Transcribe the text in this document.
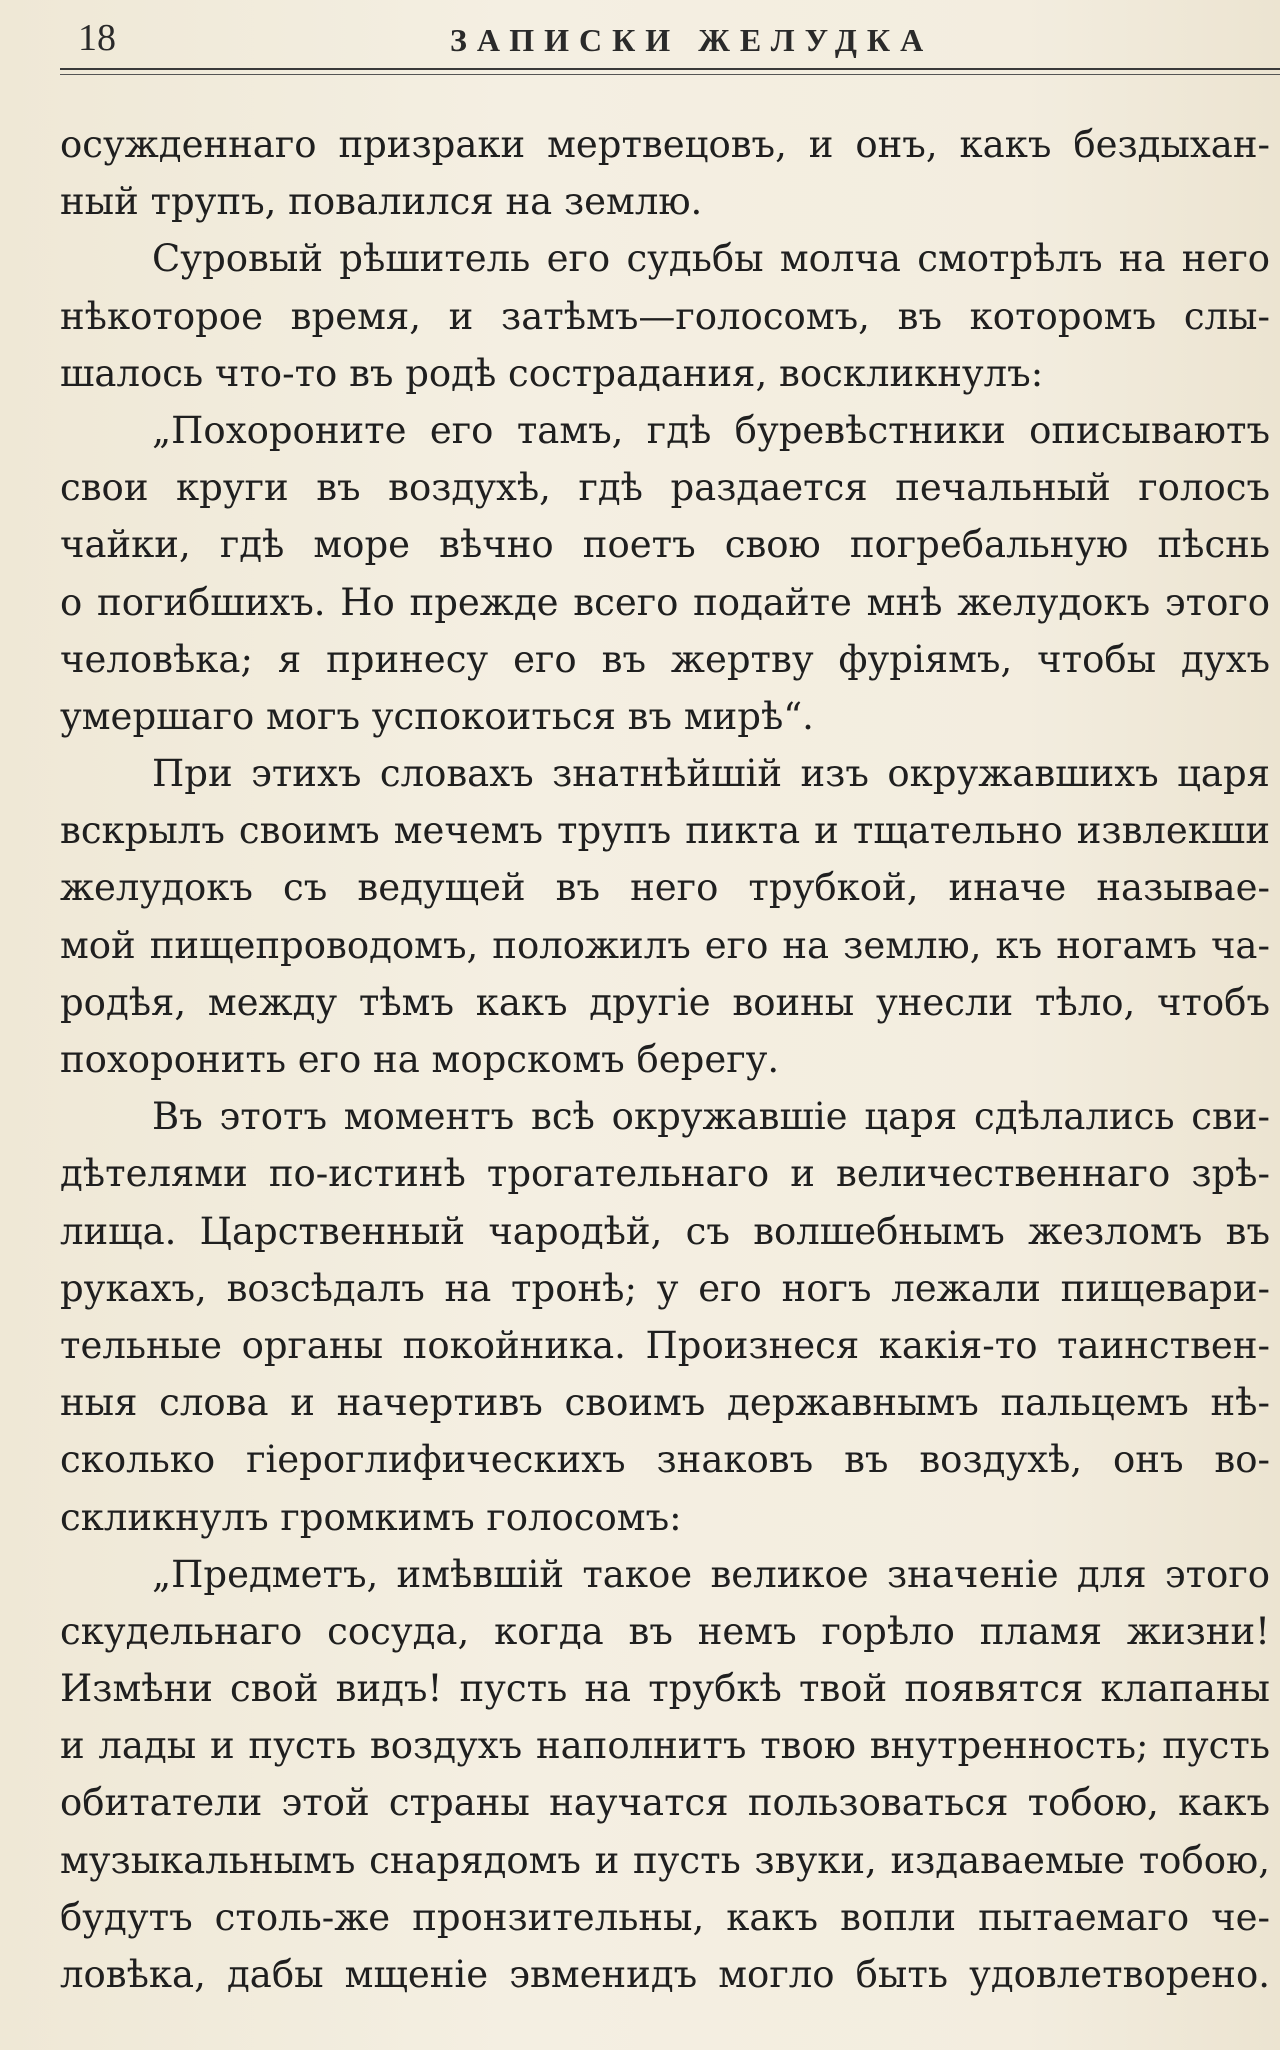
18	ЗАПИСКИ ЖЕЛУДКА
осужденнаго призраки мертвецовъ, и онъ, какъ бездыхан-
ный трупъ, повалился на землю.
Суровый рѣшитель его судьбы молча смотрѣлъ на него
нѣкоторое время, и затѣмъ—голосомъ, въ которомъ слы-
шалось что-то въ родѣ сострадания, воскликнулъ:
„Похороните его тамъ, гдѣ буревѣстники описываютъ
свои круги въ воздухѣ, гдѣ раздается печальный голосъ
чайки, гдѣ море вѣчно поетъ свою погребальную пѣснь
о погибшихъ. Но прежде всего подайте мнѣ желудокъ этого
человѣка; я принесу его въ жертву фуріямъ, чтобы духъ
умершаго могъ успокоиться въ мирѣ“.
При этихъ словахъ знатнѣйшій изъ окружавшихъ царя
вскрылъ своимъ мечемъ трупъ пикта и тщательно извлекши
желудокъ съ ведущей въ него трубкой, иначе называе-
мой пищепроводомъ, положилъ его на землю, къ ногамъ ча-
родѣя, между тѣмъ какъ другіе воины унесли тѣло, чтобъ
похоронить его на морскомъ берегу.
Въ этотъ моментъ всѣ окружавшіе царя сдѣлались сви-
дѣтелями по-истинѣ трогательнаго и величественнаго зрѣ-
лища. Царственный чародѣй, съ волшебнымъ жезломъ въ
рукахъ, возсѣдалъ на тронѣ; у его ногъ лежали пищевари-
тельные органы покойника. Произнеся какія-то таинствен-
ныя слова и начертивъ своимъ державнымъ пальцемъ нѣ-
сколько гіероглифическихъ знаковъ въ воздухѣ, онъ во-
скликнулъ громкимъ голосомъ:
„Предметъ, имѣвшій такое великое значеніе для этого
скудельнаго сосуда, когда въ немъ горѣло пламя жизни!
Измѣни свой видъ! пусть на трубкѣ твой появятся клапаны
и лады и пусть воздухъ наполнитъ твою внутренность; пусть
обитатели этой страны научатся пользоваться тобою, какъ
музыкальнымъ снарядомъ и пусть звуки, издаваемые тобою,
будутъ столь-же пронзительны, какъ вопли пытаемаго че-
ловѣка, дабы мщеніе эвменидъ могло быть удовлетворено.
